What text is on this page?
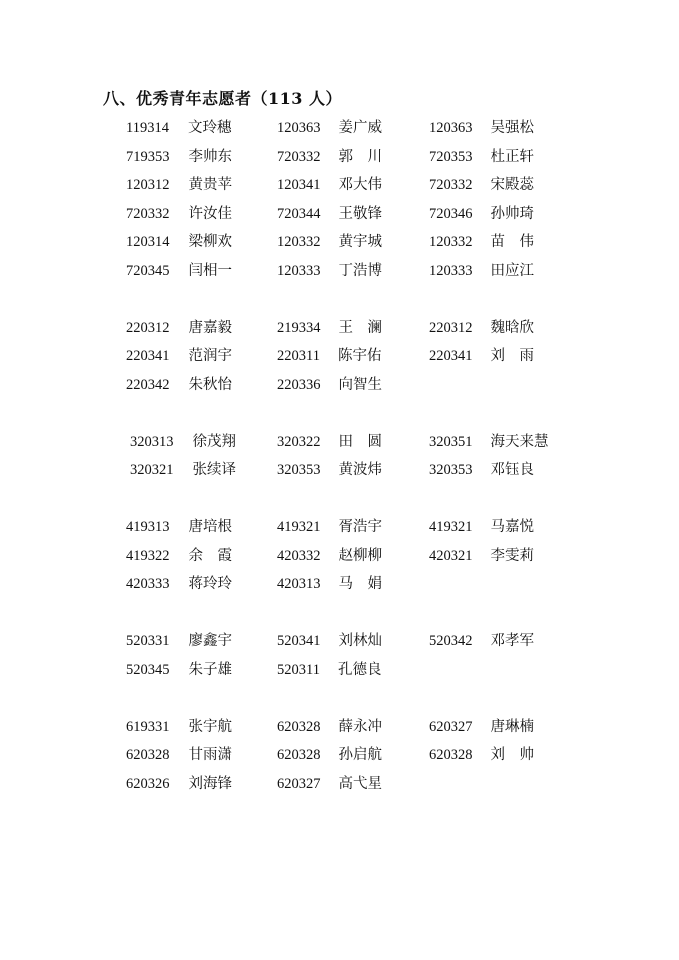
八、优秀青年志愿者（113 人）
119314 文玲穗	120363 姜广威	120363 吴强松
719353 李帅东	720332 郭　川	720353 杜正轩
120312 黄贵苹	120341 邓大伟	720332 宋殿蕊
720332 许汝佳	720344 王敬锋	720346 孙帅琦
120314 梁柳欢	120332 黄宇城	120332 苗　伟
720345 闫相一	120333 丁浩博	120333 田应江
220312 唐嘉毅	219334 王　澜	220312 魏晗欣
220341 范润宇	220311 陈宇佑	220341 刘　雨
220342 朱秋怡	220336 向智生
320313 徐茂翔	320322 田　圆	320351 海天来慧
320321 张续译	320353 黄波炜	320353 邓钰良
419313 唐培根	419321 胥浩宇	419321 马嘉悦
419322 余　霞	420332 赵柳柳	420321 李雯莉
420333 蒋玲玲	420313 马　娟
520331 廖鑫宇	520341 刘林灿	520342 邓孝军
520345 朱子雄	520311 孔德良
619331 张宇航	620328 薛永冲	620327 唐琳楠
620328 甘雨潇	620328 孙启航	620328 刘　帅
620326 刘海锋	620327 高弋星
